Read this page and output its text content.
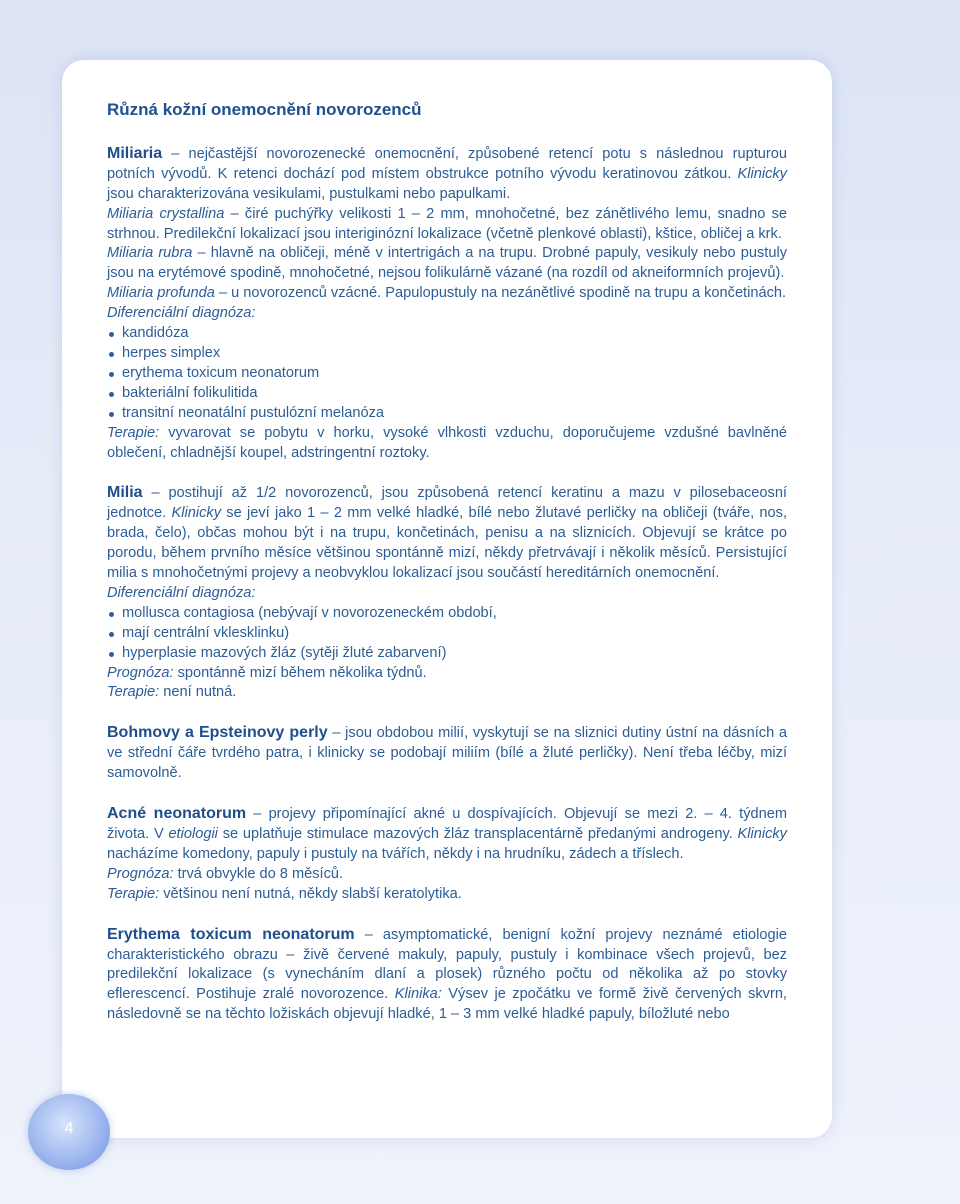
Různá kožní onemocnění novorozenců

Miliaria – nejčastější novorozenecké onemocnění, způsobené retencí potu s následnou rupturou potních vývodů. K retenci dochází pod místem obstrukce potního vývodu keratinovou zátkou. Klinicky jsou charakterizována vesikulami, pustulkami nebo papulkami.

Miliaria crystallina – čiré puchýřky velikosti 1 – 2 mm, mnohočetné, bez zánětlivého lemu, snadno se strhnou. Predilekční lokalizací jsou interiginózní lokalizace (včetně plenkové oblasti), kštice, obličej a krk.

Miliaria rubra – hlavně na obličeji, méně v intertrigách a na trupu. Drobné papuly, vesikuly nebo pustuly jsou na erytémové spodině, mnohočetné, nejsou folikulárně vázané (na rozdíl od akneiformních projevů).

Miliaria profunda – u novorozenců vzácné. Papulopustuly na nezánětlivé spodině na trupu a končetinách.

Diferenciální diagnóza:

kandidóza
herpes simplex
erythema toxicum neonatorum
bakteriální folikulitida
transitní neonatální pustulózní melanóza

Terapie: vyvarovat se pobytu v horku, vysoké vlhkosti vzduchu, doporučujeme vzdušné bavlněné oblečení, chladnější koupel, adstringentní roztoky.

Milia – postihují až 1/2 novorozenců, jsou způsobená retencí keratinu a mazu v pilosebaceosní jednotce. Klinicky se jeví jako 1 – 2 mm velké hladké, bílé nebo žlutavé perličky na obličeji (tváře, nos, brada, čelo), občas mohou být i na trupu, končetinách, penisu a na sliznicích. Objevují se krátce po porodu, během prvního měsíce většinou spontánně mizí, někdy přetrvávají i několik měsíců. Persistující milia s mnohočetnými projevy a neobvyklou lokalizací jsou součástí hereditárních onemocnění.

Diferenciální diagnóza:

mollusca contagiosa (nebývají v novorozeneckém období,
mají centrální vklesklinku)
hyperplasie mazových žláz (sytěji žluté zabarvení)

Prognóza: spontánně mizí během několika týdnů.

Terapie: není nutná.

Bohmovy a Epsteinovy perly – jsou obdobou milií, vyskytují se na sliznici dutiny ústní na dásních a ve střední čáře tvrdého patra, i klinicky se podobají miliím (bílé a žluté perličky). Není třeba léčby, mizí samovolně.

Acné neonatorum – projevy připomínající akné u dospívajících. Objevují se mezi 2. – 4. týdnem života. V etiologii se uplatňuje stimulace mazových žláz transplacentárně předanými androgeny. Klinicky nacházíme komedony, papuly i pustuly na tvářích, někdy i na hrudníku, zádech a tříslech.

Prognóza: trvá obvykle do 8 měsíců.

Terapie: většinou není nutná, někdy slabší keratolytika.

Erythema toxicum neonatorum – asymptomatické, benigní kožní projevy neznámé etiologie charakteristického obrazu – živě červené makuly, papuly, pustuly i kombinace všech projevů, bez predilekční lokalizace (s vynecháním dlaní a plosek) různého počtu od několika až po stovky eflerescencí. Postihuje zralé novorozence. Klinika: Výsev je zpočátku ve formě živě červených skvrn, následovně se na těchto ložiskách objevují hladké, 1 – 3 mm velké hladké papuly, bíložluté nebo

4
